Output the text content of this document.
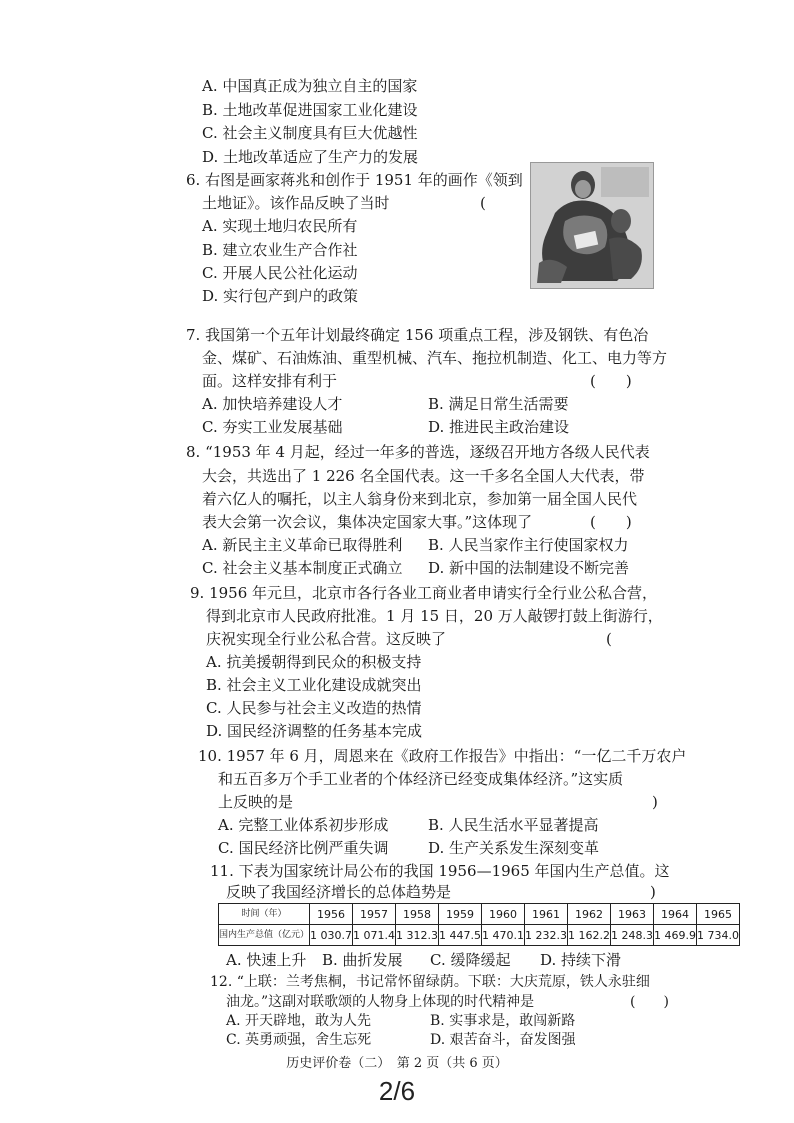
A. 中国真正成为独立自主的国家
B. 土地改革促进国家工业化建设
C. 社会主义制度具有巨大优越性
D. 土地改革适应了生产力的发展
6. 右图是画家蒋兆和创作于 1951 年的画作《领到
土地证》。该作品反映了当时	(
A. 实现土地归农民所有
B. 建立农业生产合作社
C. 开展人民公社化运动
D. 实行包产到户的政策
7. 我国第一个五年计划最终确定 156 项重点工程，涉及钢铁、有色冶
金、煤矿、石油炼油、重型机械、汽车、拖拉机制造、化工、电力等方
面。这样安排有利于	(　　)
A. 加快培养建设人才	B. 满足日常生活需要
C. 夯实工业发展基础	D. 推进民主政治建设
8. “1953 年 4 月起，经过一年多的普选，逐级召开地方各级人民代表
大会，共选出了 1 226 名全国代表。这一千多名全国人大代表，带
着六亿人的嘱托，以主人翁身份来到北京，参加第一届全国人民代
表大会第一次会议，集体决定国家大事。”这体现了	(　　)
A. 新民主主义革命已取得胜利 B. 人民当家作主行使国家权力
C. 社会主义基本制度正式确立 D. 新中国的法制建设不断完善
9. 1956 年元旦，北京市各行各业工商业者申请实行全行业公私合营，
得到北京市人民政府批准。1 月 15 日，20 万人敲锣打鼓上街游行，
庆祝实现全行业公私合营。这反映了	(
A. 抗美援朝得到民众的积极支持
B. 社会主义工业化建设成就突出
C. 人民参与社会主义改造的热情
D. 国民经济调整的任务基本完成
10. 1957 年 6 月，周恩来在《政府工作报告》中指出：“一亿二千万农户
和五百多万个手工业者的个体经济已经变成集体经济。”这实质
上反映的是	)
A. 完整工业体系初步形成	B. 人民生活水平显著提高
C. 国民经济比例严重失调	D. 生产关系发生深刻变革
11. 下表为国家统计局公布的我国 1956—1965 年国内生产总值。这
反映了我国经济增长的总体趋势是	)
时间（年）	1956	1957	1958	1959	1960	1961	1962	1963	1964	1965
国内生产总值（亿元）	1 030.7	1 071.4	1 312.3	1 447.5	1 470.1	1 232.3	1 162.2	1 248.3	1 469.9	1 734.0
A. 快速上升 B. 曲折发展 C. 缓降缓起 D. 持续下滑
12. “上联：兰考焦桐，书记常怀留绿荫。下联：大庆荒原，铁人永驻细
油龙。”这副对联歌颂的人物身上体现的时代精神是
2/6
(　　)
A. 开天辟地，敢为人先	B. 实事求是，敢闯新路
C. 英勇顽强，舍生忘死	D. 艰苦奋斗，奋发图强
历史评价卷（二）　第 2 页（共 6 页）
